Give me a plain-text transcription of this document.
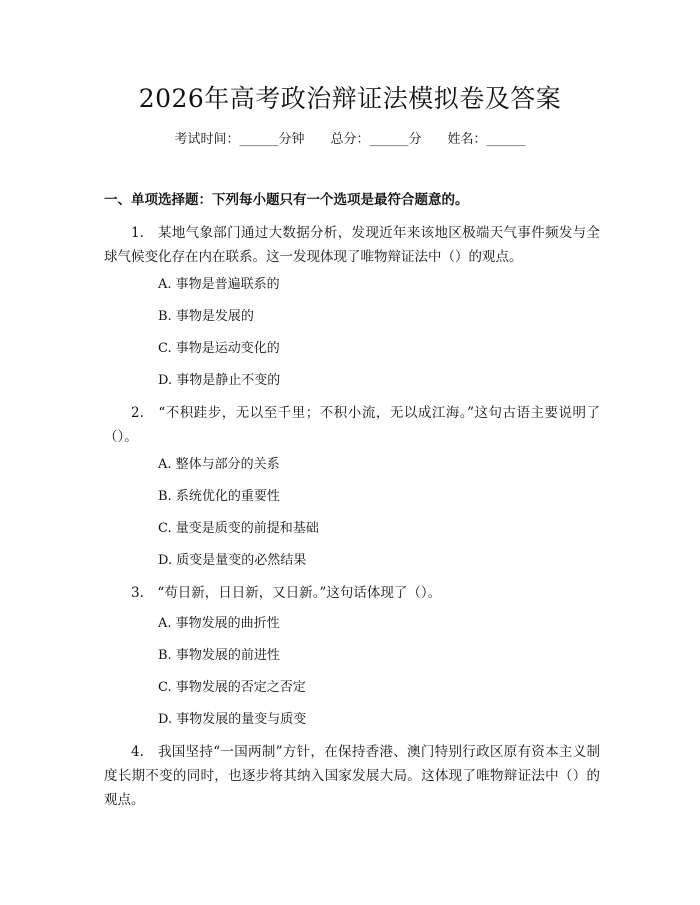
2026年高考政治辩证法模拟卷及答案
考试时间：______分钟 总分：______分 姓名：______
一、单项选择题：下列每小题只有一个选项是最符合题意的。
1.　某地气象部门通过大数据分析，发现近年来该地区极端天气事件频发与全球气候变化存在内在联系。这一发现体现了唯物辩证法中（）的观点。
A. 事物是普遍联系的
B. 事物是发展的
C. 事物是运动变化的
D. 事物是静止不变的
2.　“不积跬步，无以至千里；不积小流，无以成江海。”这句古语主要说明了（）。
A. 整体与部分的关系
B. 系统优化的重要性
C. 量变是质变的前提和基础
D. 质变是量变的必然结果
3.　“苟日新，日日新，又日新。”这句话体现了（）。
A. 事物发展的曲折性
B. 事物发展的前进性
C. 事物发展的否定之否定
D. 事物发展的量变与质变
4.　我国坚持“一国两制”方针，在保持香港、澳门特别行政区原有资本主义制度长期不变的同时，也逐步将其纳入国家发展大局。这体现了唯物辩证法中（）的观点。
